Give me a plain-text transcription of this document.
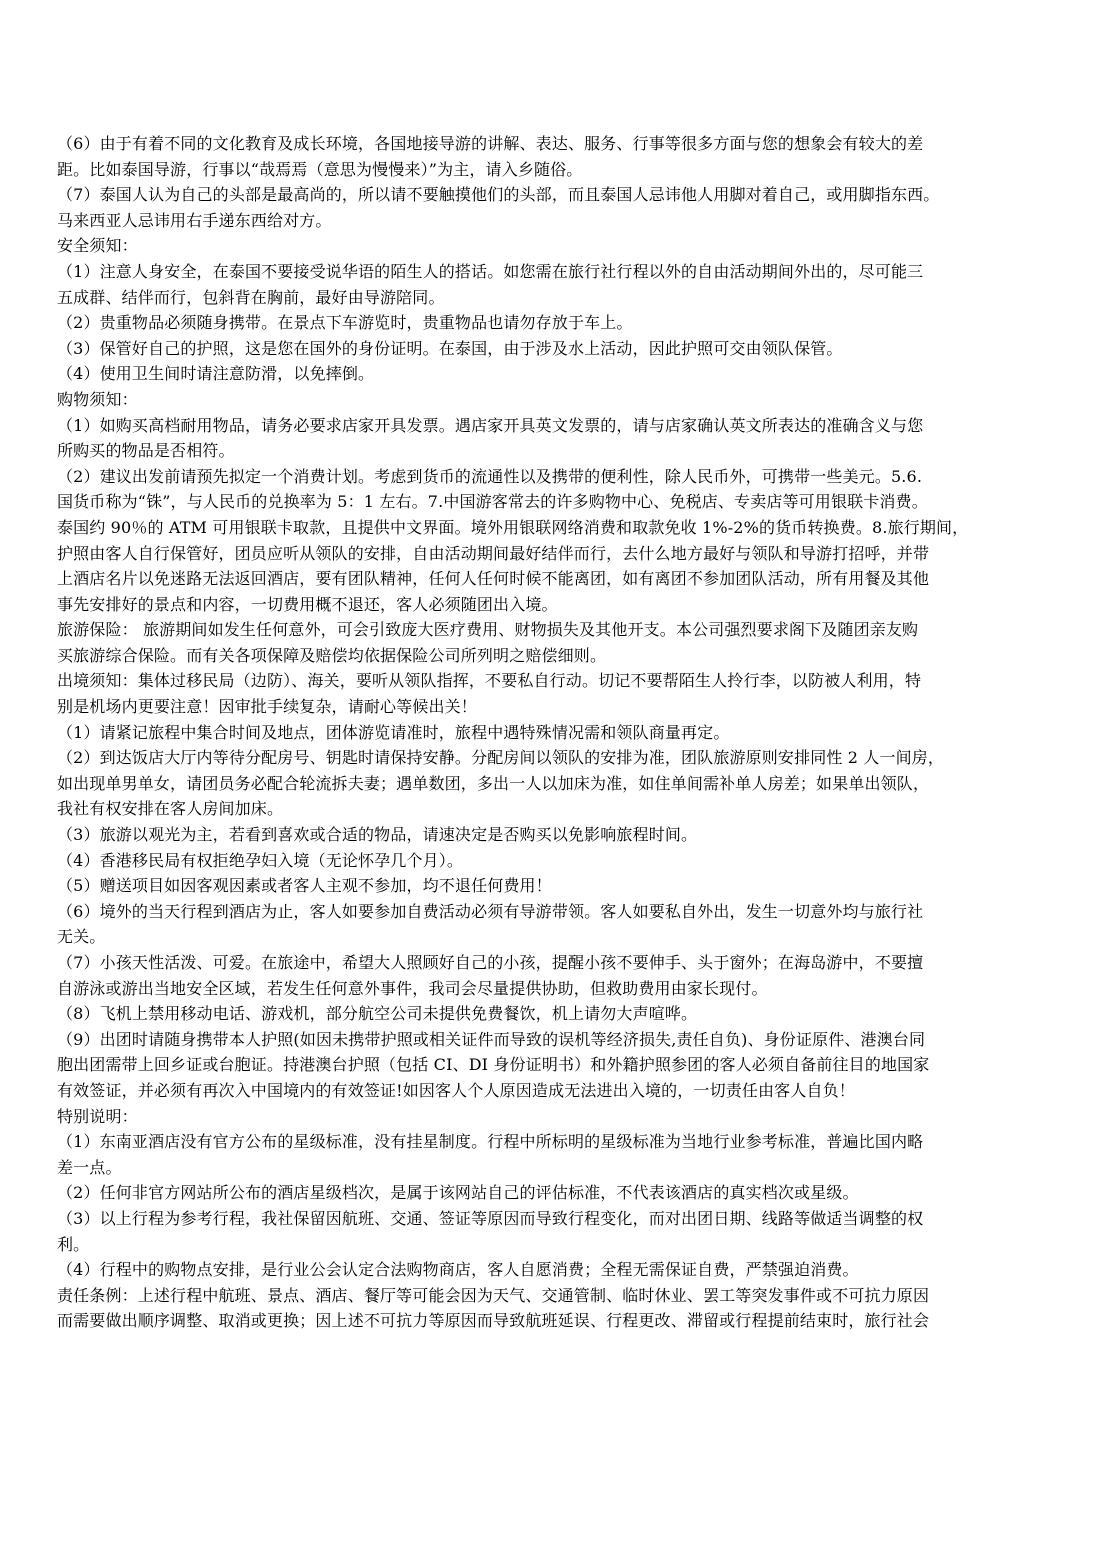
（6）由于有着不同的文化教育及成长环境，各国地接导游的讲解、表达、服务、行事等很多方面与您的想象会有较大的差
距。比如泰国导游，行事以“哉焉焉（意思为慢慢来）”为主，请入乡随俗。
（7）泰国人认为自己的头部是最高尚的，所以请不要触摸他们的头部，而且泰国人忌讳他人用脚对着自己，或用脚指东西。
马来西亚人忌讳用右手递东西给对方。
安全须知：
（1）注意人身安全，在泰国不要接受说华语的陌生人的搭话。如您需在旅行社行程以外的自由活动期间外出的，尽可能三
五成群、结伴而行，包斜背在胸前，最好由导游陪同。
（2）贵重物品必须随身携带。在景点下车游览时，贵重物品也请勿存放于车上。
（3）保管好自己的护照，这是您在国外的身份证明。在泰国，由于涉及水上活动，因此护照可交由领队保管。
（4）使用卫生间时请注意防滑，以免摔倒。
购物须知：
（1）如购买高档耐用物品，请务必要求店家开具发票。遇店家开具英文发票的，请与店家确认英文所表达的准确含义与您
所购买的物品是否相符。
（2）建议出发前请预先拟定一个消费计划。考虑到货币的流通性以及携带的便利性，除人民币外，可携带一些美元。5.6.
国货币称为“铢”，与人民币的兑换率为 5：1 左右。7.中国游客常去的许多购物中心、免税店、专卖店等可用银联卡消费。
泰国约 90％的 ATM 可用银联卡取款，且提供中文界面。境外用银联网络消费和取款免收 1%-2%的货币转换费。8.旅行期间，
护照由客人自行保管好，团员应听从领队的安排，自由活动期间最好结伴而行，去什么地方最好与领队和导游打招呼，并带
上酒店名片以免迷路无法返回酒店，要有团队精神，任何人任何时候不能离团，如有离团不参加团队活动，所有用餐及其他
事先安排好的景点和内容，一切费用概不退还，客人必须随团出入境。
旅游保险： 旅游期间如发生任何意外，可会引致庞大医疗费用、财物损失及其他开支。本公司强烈要求阁下及随团亲友购
买旅游综合保险。而有关各项保障及赔偿均依据保险公司所列明之赔偿细则。
出境须知：集体过移民局（边防）、海关，要听从领队指挥，不要私自行动。切记不要帮陌生人拎行李，以防被人利用，特
别是机场内更要注意！因审批手续复杂，请耐心等候出关！
（1）请紧记旅程中集合时间及地点，团体游览请准时，旅程中遇特殊情况需和领队商量再定。
（2）到达饭店大厅内等待分配房号、钥匙时请保持安静。分配房间以领队的安排为准，团队旅游原则安排同性 2 人一间房，
如出现单男单女，请团员务必配合轮流拆夫妻；遇单数团，多出一人以加床为准，如住单间需补单人房差；如果单出领队，
我社有权安排在客人房间加床。
（3）旅游以观光为主，若看到喜欢或合适的物品，请速决定是否购买以免影响旅程时间。
（4）香港移民局有权拒绝孕妇入境（无论怀孕几个月）。
（5）赠送项目如因客观因素或者客人主观不参加，均不退任何费用！
（6）境外的当天行程到酒店为止，客人如要参加自费活动必须有导游带领。客人如要私自外出，发生一切意外均与旅行社
无关。
（7）小孩天性活泼、可爱。在旅途中，希望大人照顾好自己的小孩，提醒小孩不要伸手、头于窗外；在海岛游中，不要擅
自游泳或游出当地安全区域，若发生任何意外事件，我司会尽量提供协助，但救助费用由家长现付。
（8）飞机上禁用移动电话、游戏机，部分航空公司未提供免费餐饮，机上请勿大声喧哗。
（9）出团时请随身携带本人护照(如因未携带护照或相关证件而导致的误机等经济损失,责任自负)、身份证原件、港澳台同
胞出团需带上回乡证或台胞证。持港澳台护照（包括 CI、DI 身份证明书）和外籍护照参团的客人必须自备前往目的地国家
有效签证，并必须有再次入中国境内的有效签证!如因客人个人原因造成无法进出入境的，一切责任由客人自负！
特别说明：
（1）东南亚酒店没有官方公布的星级标准，没有挂星制度。行程中所标明的星级标准为当地行业参考标准，普遍比国内略
差一点。
（2）任何非官方网站所公布的酒店星级档次，是属于该网站自己的评估标准，不代表该酒店的真实档次或星级。
（3）以上行程为参考行程，我社保留因航班、交通、签证等原因而导致行程变化，而对出团日期、线路等做适当调整的权
利。
（4）行程中的购物点安排，是行业公会认定合法购物商店，客人自愿消费；全程无需保证自费，严禁强迫消费。
责任条例：上述行程中航班、景点、酒店、餐厅等可能会因为天气、交通管制、临时休业、罢工等突发事件或不可抗力原因
而需要做出顺序调整、取消或更换；因上述不可抗力等原因而导致航班延误、行程更改、滞留或行程提前结束时，旅行社会
